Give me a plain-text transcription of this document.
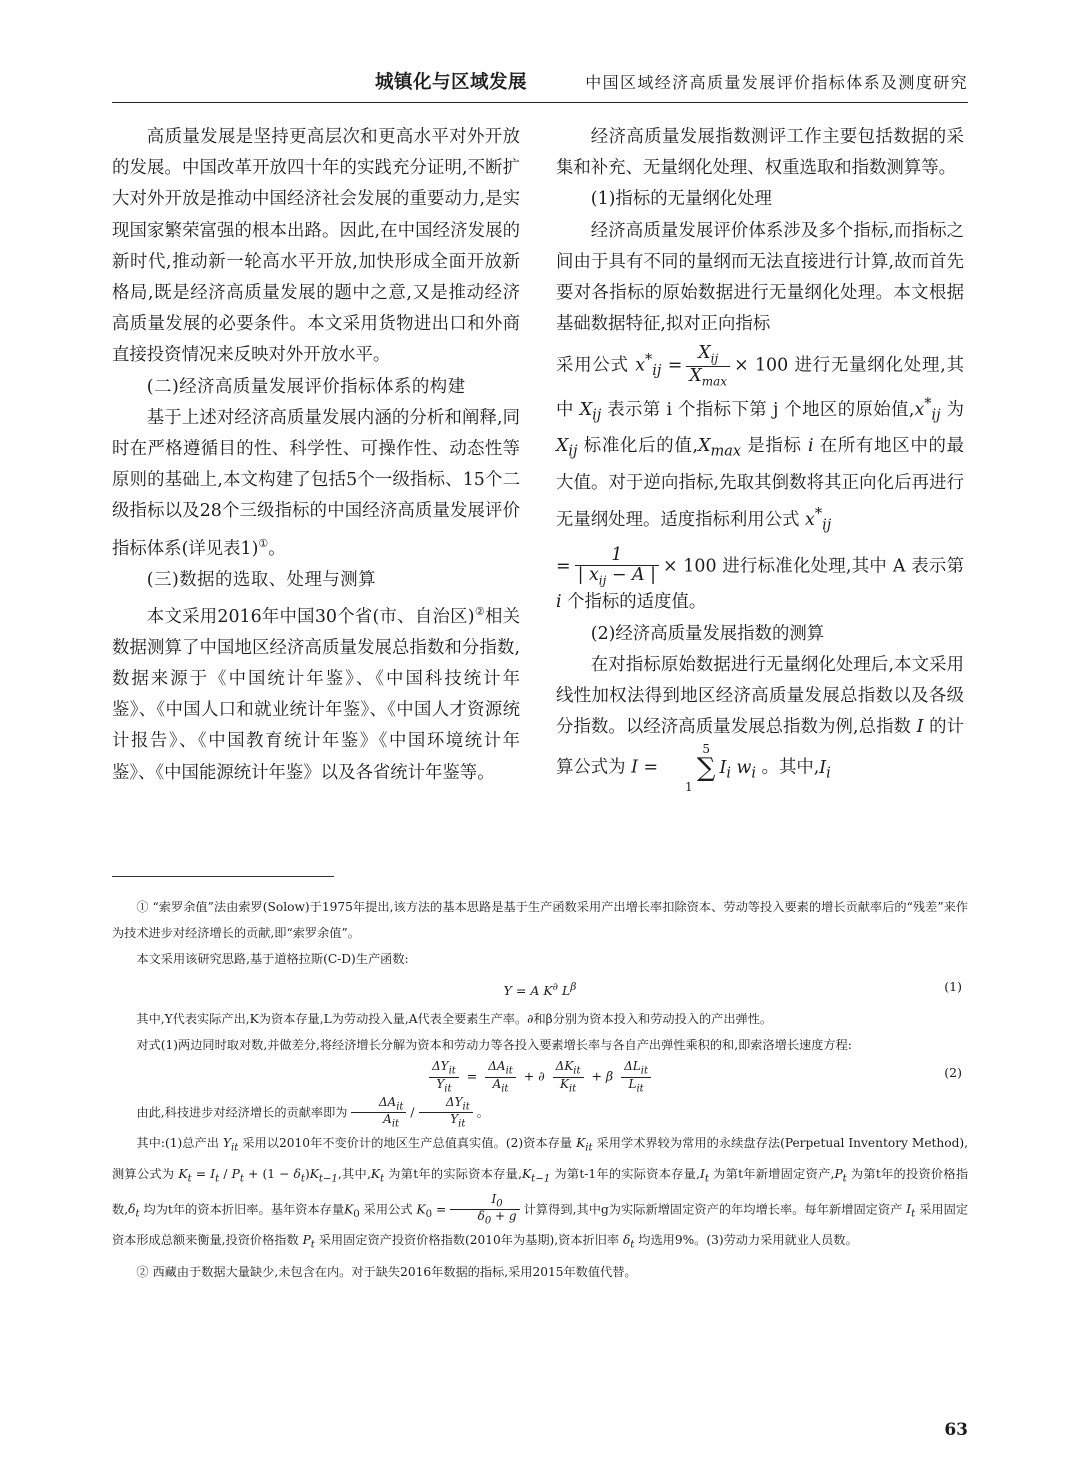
城镇化与区域发展	中国区域经济高质量发展评价指标体系及测度研究

高质量发展是坚持更高层次和更高水平对外开放的发展。中国改革开放四十年的实践充分证明,不断扩大对外开放是推动中国经济社会发展的重要动力,是实现国家繁荣富强的根本出路。因此,在中国经济发展的新时代,推动新一轮高水平开放,加快形成全面开放新格局,既是经济高质量发展的题中之意,又是推动经济高质量发展的必要条件。本文采用货物进出口和外商直接投资情况来反映对外开放水平。

(二)经济高质量发展评价指标体系的构建

基于上述对经济高质量发展内涵的分析和阐释,同时在严格遵循目的性、科学性、可操作性、动态性等原则的基础上,本文构建了包括5个一级指标、15个二级指标以及28个三级指标的中国经济高质量发展评价指标体系(详见表1)①。

(三)数据的选取、处理与测算

本文采用2016年中国30个省(市、自治区)②相关数据测算了中国地区经济高质量发展总指数和分指数,数据来源于《中国统计年鉴》、《中国科技统计年鉴》、《中国人口和就业统计年鉴》、《中国人才资源统计报告》、《中国教育统计年鉴》《中国环境统计年鉴》、《中国能源统计年鉴》以及各省统计年鉴等。

经济高质量发展指数测评工作主要包括数据的采集和补充、无量纲化处理、权重选取和指数测算等。

(1)指标的无量纲化处理

经济高质量发展评价体系涉及多个指标,而指标之间由于具有不同的量纲而无法直接进行计算,故而首先要对各指标的原始数据进行无量纲化处理。本文根据基础数据特征,拟对正向指标

采用公式 $x^*_{ij} = \frac{X_{ij}}{X_{max}} \times 100$ 进行无量纲化处理,其中 $X_{ij}$ 表示第 i 个指标下第 j 个地区的原始值$,x^*_{ij}$ 为 $X_{ij}$ 标准化后的值$,X_{max}$ 是指标 i 在所有地区中的最大值。对于逆向指标,先取其倒数将其正向化后再进行无量纲处理。适度指标利用公式 $x^*_{ij}$

= $\frac{1}{| x_{ij} - A |} \times 100$ 进行标准化处理,其中 A 表示第 i 个指标的适度值。

(2)经济高质量发展指数的测算

在对指标原始数据进行无量纲化处理后,本文采用线性加权法得到地区经济高质量发展总指数以及各级分指数。以经济高质量发展总指数为例,总指数 I 的计算公式为 I =5
∑
$1I_i$ $w_i$ 。其中$,I_i$

① “索罗余值”法由索罗(Solow)于1975年提出,该方法的基本思路是基于生产函数采用产出增长率扣除资本、劳动等投入要素的增长贡献率后的“残差”来作为技术进步对经济增长的贡献,即“索罗余值”。

本文采用该研究思路,基于道格拉斯(C-D)生产函数:

Y = A K∂ $L^\beta$	(1)

其中,Y代表实际产出,K为资本存量,L为劳动投入量,A代表全要素生产率。∂和β分别为资本投入和劳动投入的产出弹性。

对式(1)两边同时取对数,并做差分,将经济增长分解为资本和劳动力等各投入要素增长率与各自产出弹性乘积的和,即索洛增长速度方程:

$\frac{\Delta Y_{it}}{Y_{it}} = \frac{\Delta A_{it}}{A_{it}}$ + ∂ $\frac{\Delta K_{it}}{K_{it}} + \beta \frac{\Delta L_{it}}{L_{it}}$	(2)

由此,科技进步对经济增长的贡献率即为 $\frac{\Delta A_{it}}{A_{it}} / \frac{\Delta Y_{it}}{Y_{it}}$ 。

其中:(1)总产出 $Y_{it}$ 采用以2010年不变价计的地区生产总值真实值。(2)资本存量 $K_{it}$ 采用学术界较为常用的永续盘存法(Perpetual Inventory Method),测算公式为 $K_t = I_t / P_t + (1 - \delta_t)K_{t-1}$,其中$,K_t$ 为第t年的实际资本存量$,K_{t-1}$ 为第t-1年的实际资本存量$,I_t$ 为第t年新增固定资产$,P_t$ 为第t年的投资价格指数$,\delta_t$ 均为t年的资本折旧率。基年资本存量$K_0$ 采用公式 $K_0 = \frac{I_0}{\delta_0 + g}$ 计算得到,其中g为实际新增固定资产的年均增长率。每年新增固定资产 $I_t$ 采用固定资本形成总额来衡量,投资价格指数 $P_t$ 采用固定资产投资价格指数(2010年为基期),资本折旧率 $\delta_t$ 均选用9%。(3)劳动力采用就业人员数。

② 西藏由于数据大量缺少,未包含在内。对于缺失2016年数据的指标,采用2015年数值代替。

63
